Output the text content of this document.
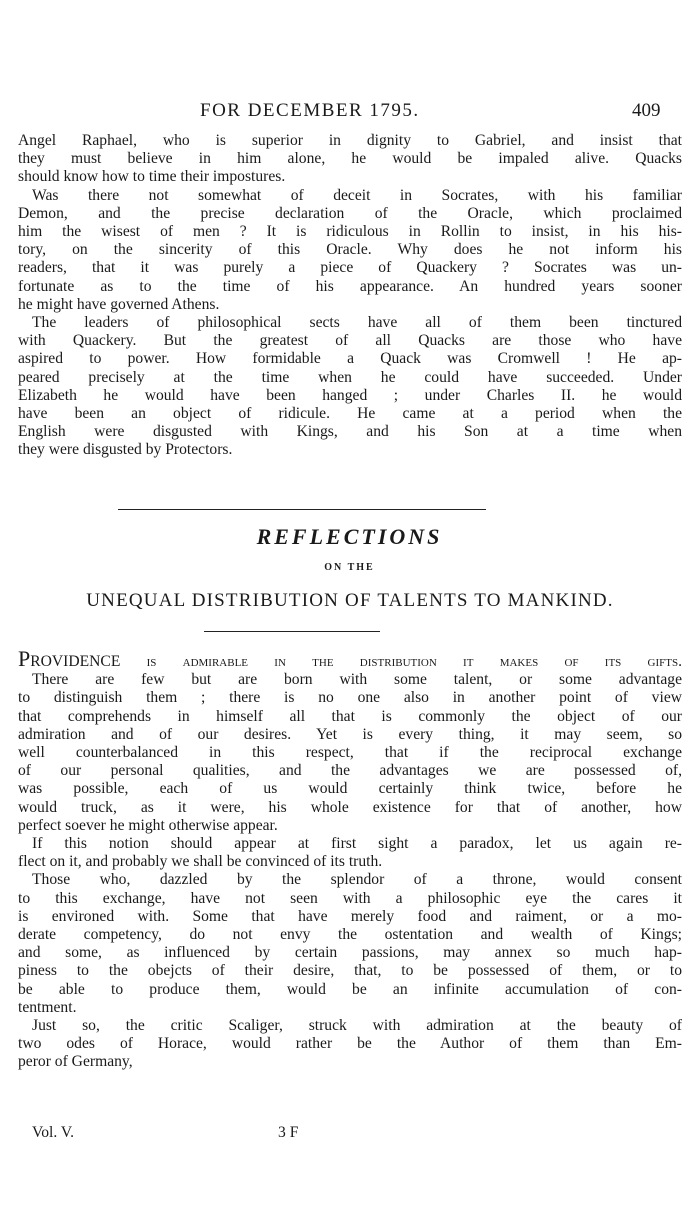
FOR DECEMBER 1795.	409
Angel Raphael, who is superior in dignity to Gabriel, and insist that
they must believe in him alone, he would be impaled alive. Quacks
should know how to time their impostures.
Was there not somewhat of deceit in Socrates, with his familiar
Demon, and the precise declaration of the Oracle, which proclaimed
him the wisest of men ? It is ridiculous in Rollin to insist, in his his-
tory, on the sincerity of this Oracle. Why does he not inform his
readers, that it was purely a piece of Quackery ? Socrates was un-
fortunate as to the time of his appearance. An hundred years sooner
he might have governed Athens.
The leaders of philosophical sects have all of them been tinctured
with Quackery. But the greatest of all Quacks are those who have
aspired to power. How formidable a Quack was Cromwell ! He ap-
peared precisely at the time when he could have succeeded. Under
Elizabeth he would have been hanged ; under Charles II. he would
have been an object of ridicule. He came at a period when the
English were disgusted with Kings, and his Son at a time when
they were disgusted by Protectors.
REFLECTIONS
ON THE
UNEQUAL DISTRIBUTION OF TALENTS TO MANKIND.
PROVIDENCE is admirable in the distribution it makes of its gifts.
There are few but are born with some talent, or some advantage
to distinguish them ; there is no one also in another point of view
that comprehends in himself all that is commonly the object of our
admiration and of our desires. Yet is every thing, it may seem, so
well counterbalanced in this respect, that if the reciprocal exchange
of our personal qualities, and the advantages we are possessed of,
was possible, each of us would certainly think twice, before he
would truck, as it were, his whole existence for that of another, how
perfect soever he might otherwise appear.
If this notion should appear at first sight a paradox, let us again re-
flect on it, and probably we shall be convinced of its truth.
Those who, dazzled by the splendor of a throne, would consent
to this exchange, have not seen with a philosophic eye the cares it
is environed with. Some that have merely food and raiment, or a mo-
derate competency, do not envy the ostentation and wealth of Kings;
and some, as influenced by certain passions, may annex so much hap-
piness to the obejcts of their desire, that, to be possessed of them, or to
be able to produce them, would be an infinite accumulation of con-
tentment.
Just so, the critic Scaliger, struck with admiration at the beauty of
two odes of Horace, would rather be the Author of them than Em-
peror of Germany,
Vol. V.	3 F
